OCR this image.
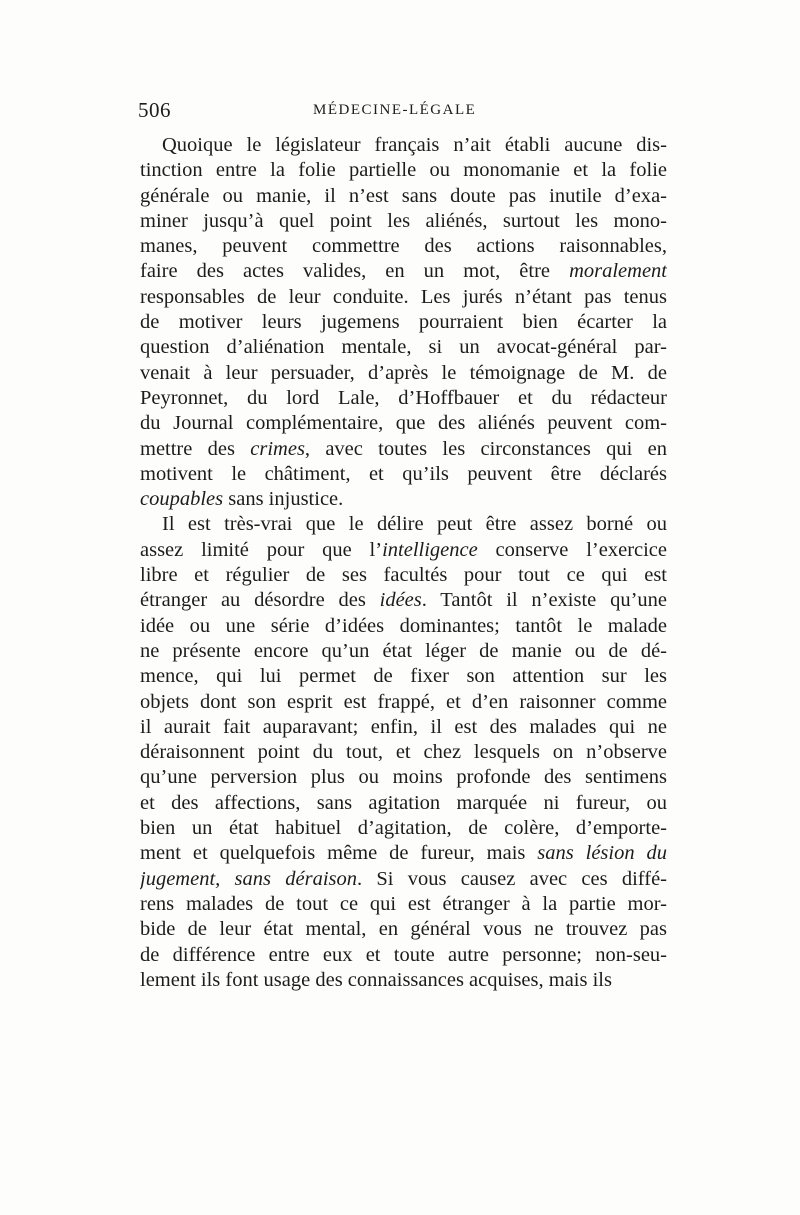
506	MÉDECINE-LÉGALE
Quoique le législateur français n’ait établi aucune dis-
tinction entre la folie partielle ou monomanie et la folie
générale ou manie, il n’est sans doute pas inutile d’exa-
miner jusqu’à quel point les aliénés, surtout les mono-
manes, peuvent commettre des actions raisonnables,
faire des actes valides, en un mot, être moralement
responsables de leur conduite. Les jurés n’étant pas tenus
de motiver leurs jugemens pourraient bien écarter la
question d’aliénation mentale, si un avocat-général par-
venait à leur persuader, d’après le témoignage de M. de
Peyronnet, du lord Lale, d’Hoffbauer et du rédacteur
du Journal complémentaire, que des aliénés peuvent com-
mettre des crimes, avec toutes les circonstances qui en
motivent le châtiment, et qu’ils peuvent être déclarés
coupables sans injustice.
Il est très-vrai que le délire peut être assez borné ou
assez limité pour que l’intelligence conserve l’exercice
libre et régulier de ses facultés pour tout ce qui est
étranger au désordre des idées. Tantôt il n’existe qu’une
idée ou une série d’idées dominantes; tantôt le malade
ne présente encore qu’un état léger de manie ou de dé-
mence, qui lui permet de fixer son attention sur les
objets dont son esprit est frappé, et d’en raisonner comme
il aurait fait auparavant; enfin, il est des malades qui ne
déraisonnent point du tout, et chez lesquels on n’observe
qu’une perversion plus ou moins profonde des sentimens
et des affections, sans agitation marquée ni fureur, ou
bien un état habituel d’agitation, de colère, d’emporte-
ment et quelquefois même de fureur, mais sans lésion du
jugement, sans déraison. Si vous causez avec ces diffé-
rens malades de tout ce qui est étranger à la partie mor-
bide de leur état mental, en général vous ne trouvez pas
de différence entre eux et toute autre personne; non-seu-
lement ils font usage des connaissances acquises, mais ils
